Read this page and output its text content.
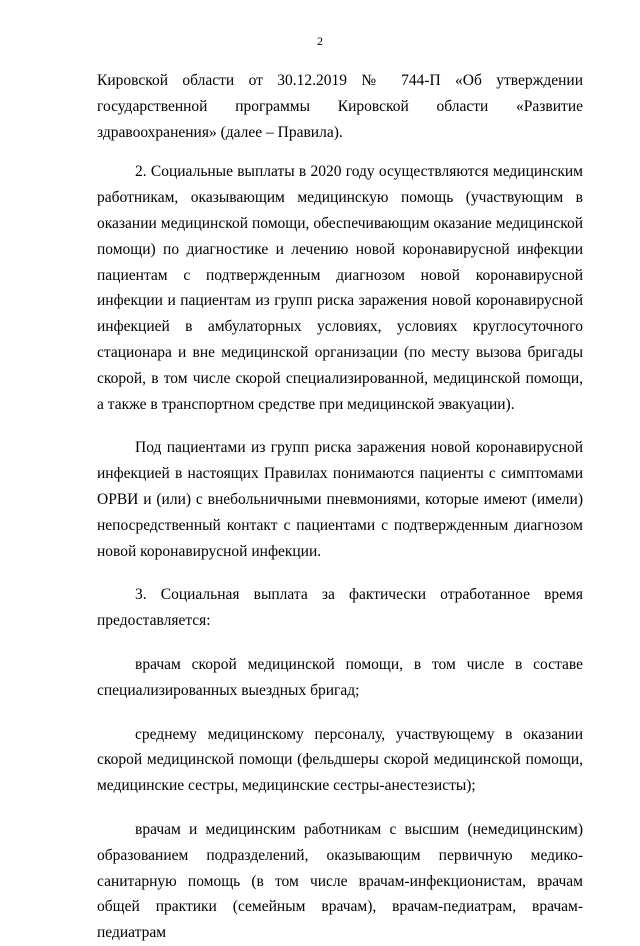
2

Кировской области от 30.12.2019 № 744-П «Об утверждении государственной программы Кировской области «Развитие здравоохранения» (далее – Правила).

2. Социальные выплаты в 2020 году осуществляются медицинским работникам, оказывающим медицинскую помощь (участвующим в оказании медицинской помощи, обеспечивающим оказание медицинской помощи) по диагностике и лечению новой коронавирусной инфекции пациентам с подтвержденным диагнозом новой коронавирусной инфекции и пациентам из групп риска заражения новой коронавирусной инфекцией в амбулаторных условиях, условиях круглосуточного стационара и вне медицинской организации (по месту вызова бригады скорой, в том числе скорой специализированной, медицинской помощи, а также в транспортном средстве при медицинской эвакуации).

Под пациентами из групп риска заражения новой коронавирусной инфекцией в настоящих Правилах понимаются пациенты с симптомами ОРВИ и (или) с внебольничными пневмониями, которые имеют (имели) непосредственный контакт с пациентами с подтвержденным диагнозом новой коронавирусной инфекции.

3. Социальная выплата за фактически отработанное время предоставляется:

врачам скорой медицинской помощи, в том числе в составе специализированных выездных бригад;

среднему медицинскому персоналу, участвующему в оказании скорой медицинской помощи (фельдшеры скорой медицинской помощи, медицинские сестры, медицинские сестры-анестезисты);

врачам и медицинским работникам с высшим (немедицинским) образованием подразделений, оказывающим первичную медико-санитарную помощь (в том числе врачам-инфекционистам, врачам общей практики (семейным врачам), врачам-педиатрам, врачам-педиатрам
